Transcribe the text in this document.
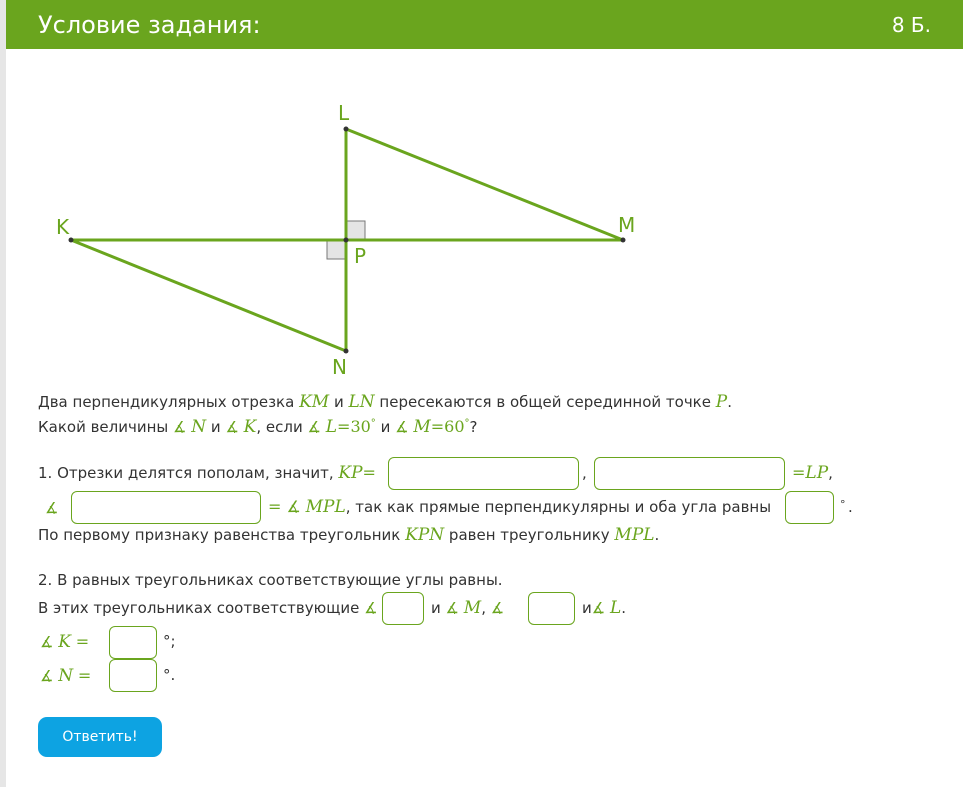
Условие задания:	8 Б.
L
K	M
P
N
Два перпендикулярных отрезка KM и LN пересекаются в общей серединной точке P.
Какой величины ∡ N и ∡ K, если ∡ L=30° и ∡ M=60°?
1. Отрезки делятся пополам, значит, KP=	,	=LP,
∡	= ∡ MPL, так как прямые перпендикулярны и оба угла равны	° .
По первому признаку равенства треугольник KPN равен треугольнику MPL.
2. В равных треугольниках соответствующие углы равны.
В этих треугольниках соответствующие ∡	и ∡ M, ∡	и∡ L.
∡ K =	°;
∡ N =	°.
Ответить!
